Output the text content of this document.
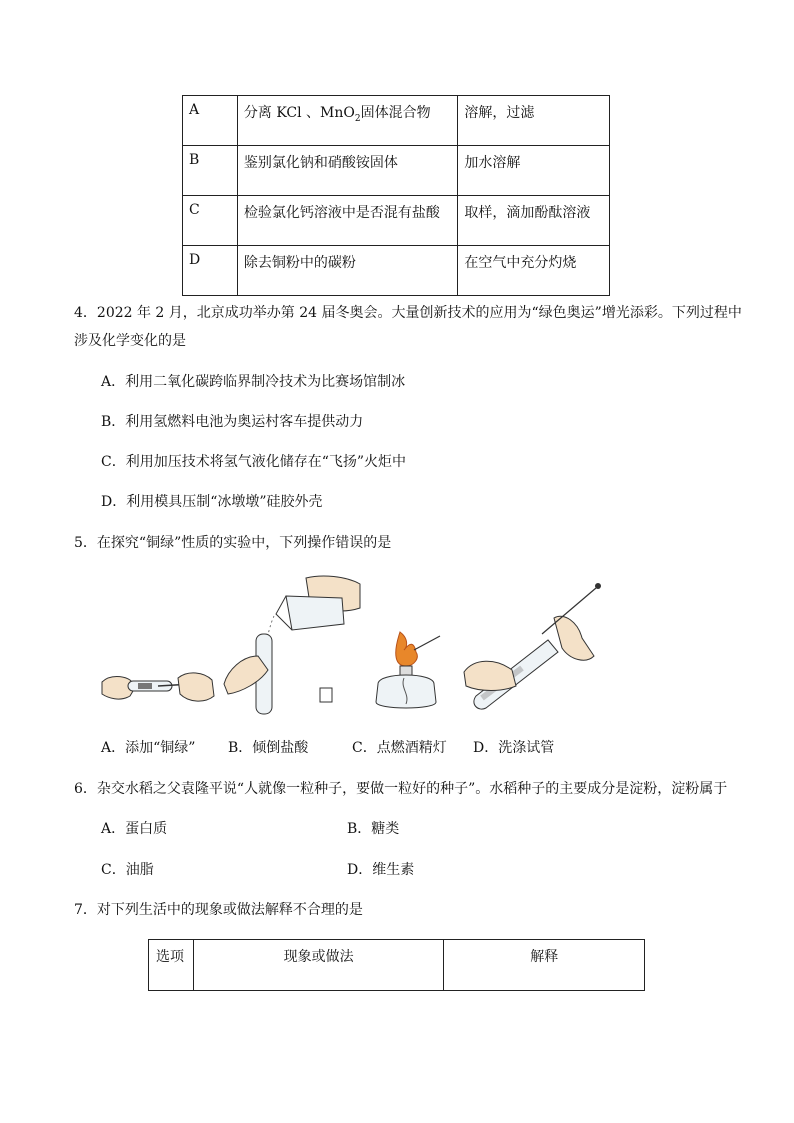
A	分离 KCl 、MnO$_2$固体混合物	溶解，过滤
B	鉴别氯化钠和硝酸铵固体	加水溶解
C	检验氯化钙溶液中是否混有盐酸	取样，滴加酚酞溶液
D	除去铜粉中的碳粉	在空气中充分灼烧
4．2022 年 2 月，北京成功举办第 24 届冬奥会。大量创新技术的应用为“绿色奥运”增光添彩。下列过程中
涉及化学变化的是
A．利用二氧化碳跨临界制冷技术为比赛场馆制冰
B．利用氢燃料电池为奥运村客车提供动力
C．利用加压技术将氢气液化储存在“飞扬”火炬中
D．利用模具压制“冰墩墩”硅胶外壳
5．在探究“铜绿”性质的实验中，下列操作错误的是
A．添加“铜绿” B．倾倒盐酸	C．点燃酒精灯 D．洗涤试管
6．杂交水稻之父袁隆平说“人就像一粒种子，要做一粒好的种子”。水稻种子的主要成分是淀粉，淀粉属于
A．蛋白质	B．糖类
C．油脂	D．维生素
7．对下列生活中的现象或做法解释不合理的是
选项	现象或做法	解释
